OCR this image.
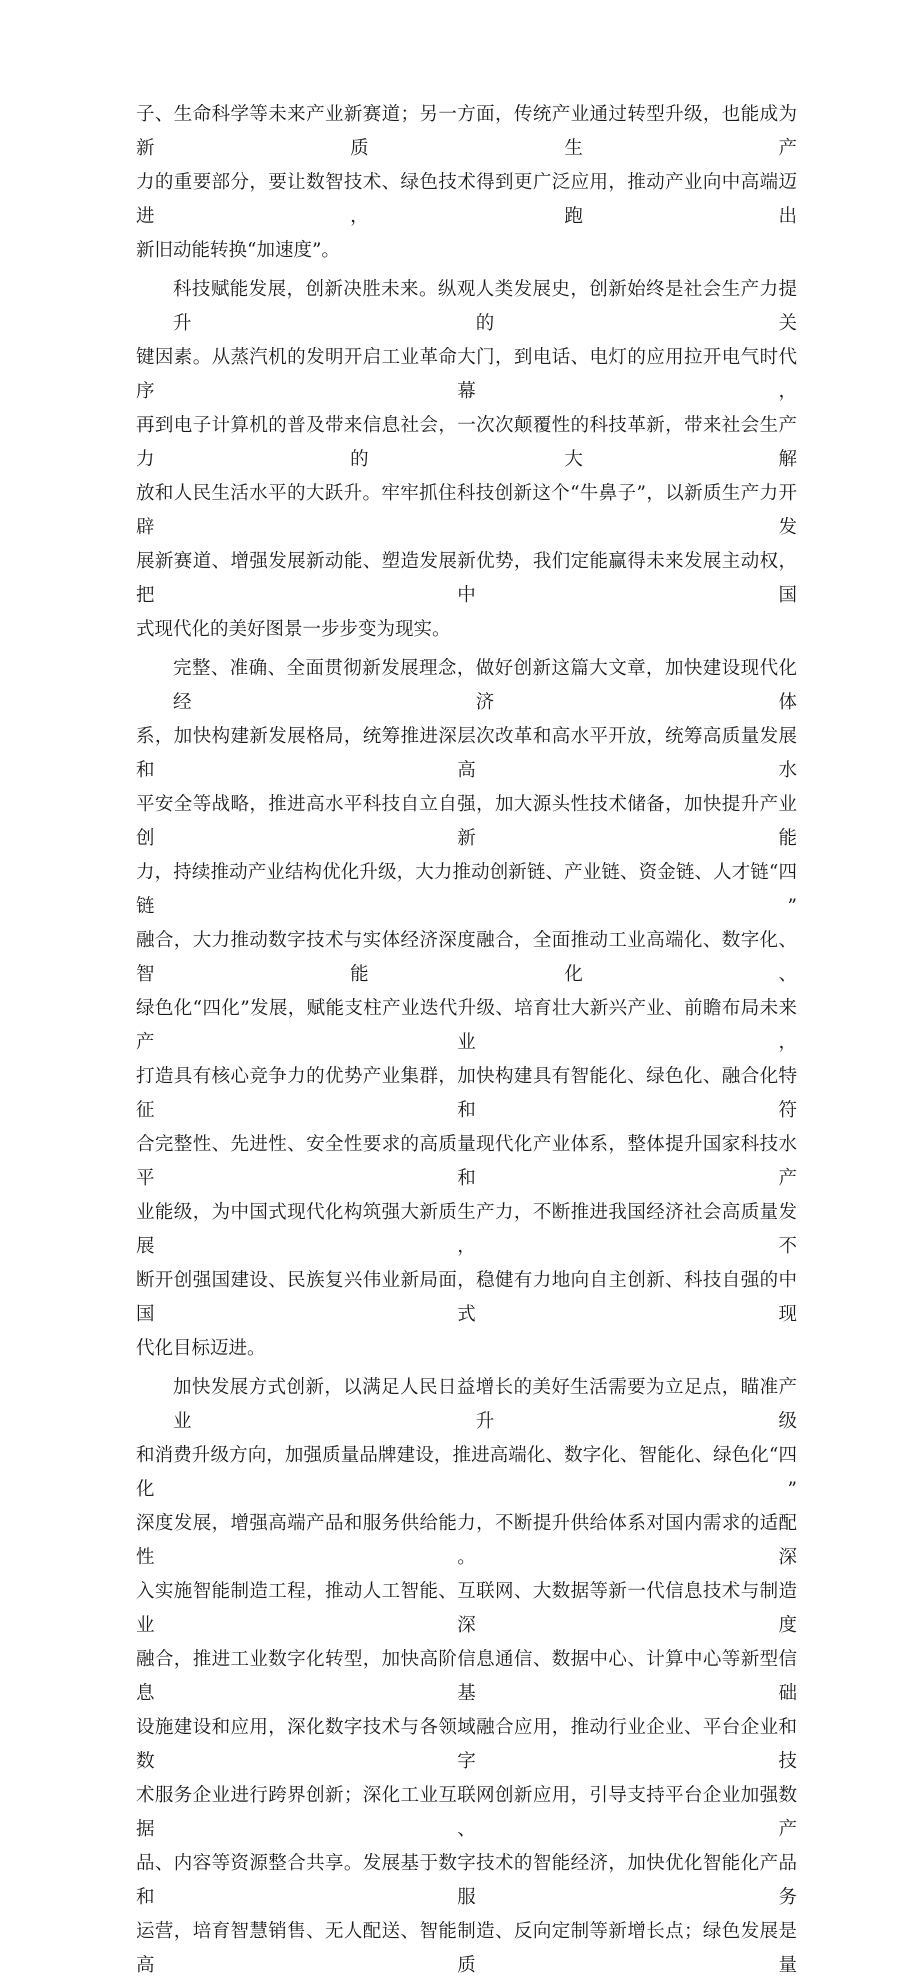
子、生命科学等未来产业新赛道；另一方面，传统产业通过转型升级，也能成为新质生产
力的重要部分，要让数智技术、绿色技术得到更广泛应用，推动产业向中高端迈进，跑出
新旧动能转换“加速度”。

科技赋能发展，创新决胜未来。纵观人类发展史，创新始终是社会生产力提升的关
键因素。从蒸汽机的发明开启工业革命大门，到电话、电灯的应用拉开电气时代序幕，
再到电子计算机的普及带来信息社会，一次次颠覆性的科技革新，带来社会生产力的大解
放和人民生活水平的大跃升。牢牢抓住科技创新这个“牛鼻子”，以新质生产力开辟发
展新赛道、增强发展新动能、塑造发展新优势，我们定能赢得未来发展主动权，把中国
式现代化的美好图景一步步变为现实。

完整、准确、全面贯彻新发展理念，做好创新这篇大文章，加快建设现代化经济体
系，加快构建新发展格局，统筹推进深层次改革和高水平开放，统筹高质量发展和高水
平安全等战略，推进高水平科技自立自强，加大源头性技术储备，加快提升产业创新能
力，持续推动产业结构优化升级，大力推动创新链、产业链、资金链、人才链“四链”
融合，大力推动数字技术与实体经济深度融合，全面推动工业高端化、数字化、智能化、
绿色化“四化”发展，赋能支柱产业迭代升级、培育壮大新兴产业、前瞻布局未来产业，
打造具有核心竞争力的优势产业集群，加快构建具有智能化、绿色化、融合化特征和符
合完整性、先进性、安全性要求的高质量现代化产业体系，整体提升国家科技水平和产
业能级，为中国式现代化构筑强大新质生产力，不断推进我国经济社会高质量发展，不
断开创强国建设、民族复兴伟业新局面，稳健有力地向自主创新、科技自强的中国式现
代化目标迈进。

加快发展方式创新，以满足人民日益增长的美好生活需要为立足点，瞄准产业升级
和消费升级方向，加强质量品牌建设，推进高端化、数字化、智能化、绿色化“四化”
深度发展，增强高端产品和服务供给能力，不断提升供给体系对国内需求的适配性。深
入实施智能制造工程，推动人工智能、互联网、大数据等新一代信息技术与制造业深度
融合，推进工业数字化转型，加快高阶信息通信、数据中心、计算中心等新型信息基础
设施建设和应用，深化数字技术与各领域融合应用，推动行业企业、平台企业和数字技
术服务企业进行跨界创新；深化工业互联网创新应用，引导支持平台企业加强数据、产
品、内容等资源整合共享。发展基于数字技术的智能经济，加快优化智能化产品和服务
运营，培育智慧销售、无人配送、智能制造、反向定制等新增长点；绿色发展是高质量
